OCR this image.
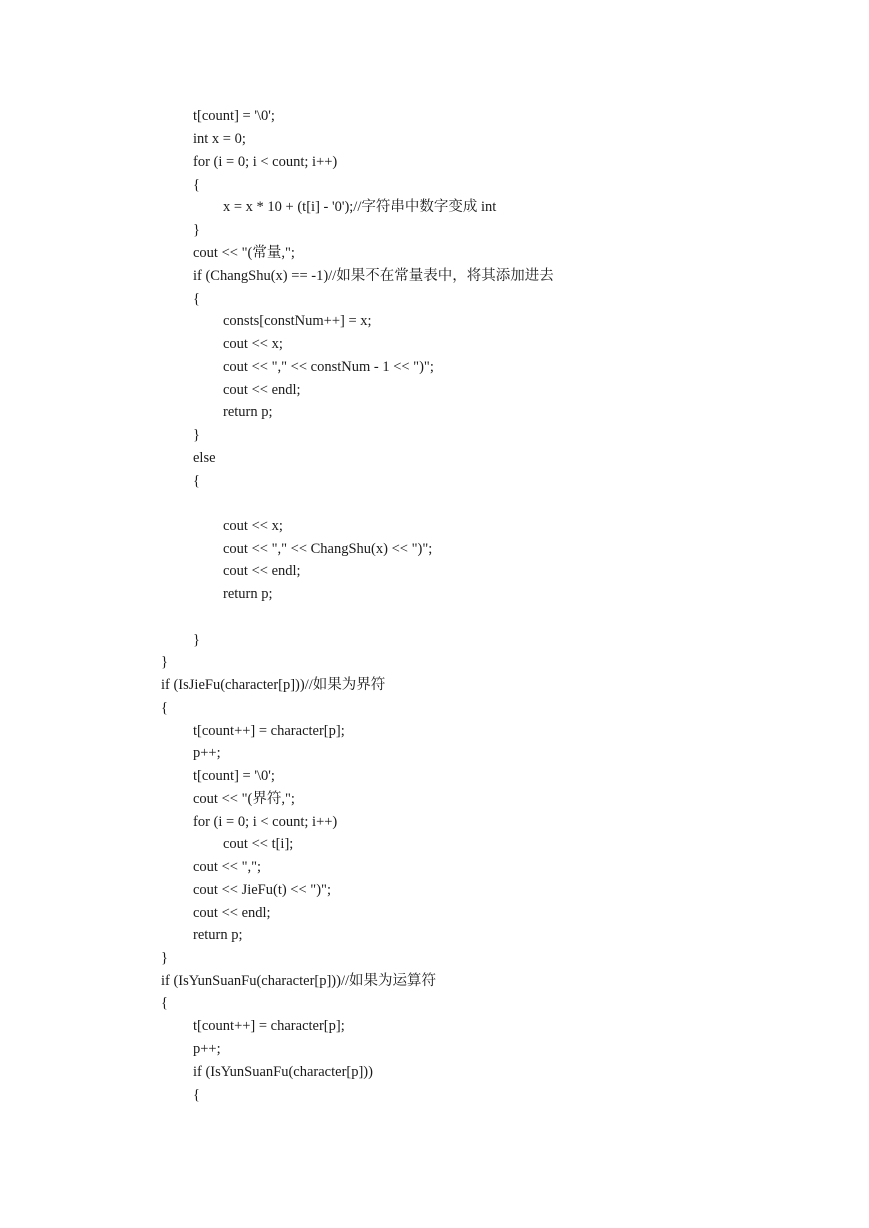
t[count] = '\0';
int x = 0;
for (i = 0; i < count; i++)
{
x = x * 10 + (t[i] - '0');//字符串中数字变成 int
}
cout << "(常量,";
if (ChangShu(x) == -1)//如果不在常量表中，将其添加进去
{
consts[constNum++] = x;
cout << x;
cout << "," << constNum - 1 << ")";
cout << endl;
return p;
}
else
{
cout << x;
cout << "," << ChangShu(x) << ")";
cout << endl;
return p;
}
}
if (IsJieFu(character[p]))//如果为界符
{
t[count++] = character[p];
p++;
t[count] = '\0';
cout << "(界符,";
for (i = 0; i < count; i++)
cout << t[i];
cout << ",";
cout << JieFu(t) << ")";
cout << endl;
return p;
}
if (IsYunSuanFu(character[p]))//如果为运算符
{
t[count++] = character[p];
p++;
if (IsYunSuanFu(character[p]))
{
